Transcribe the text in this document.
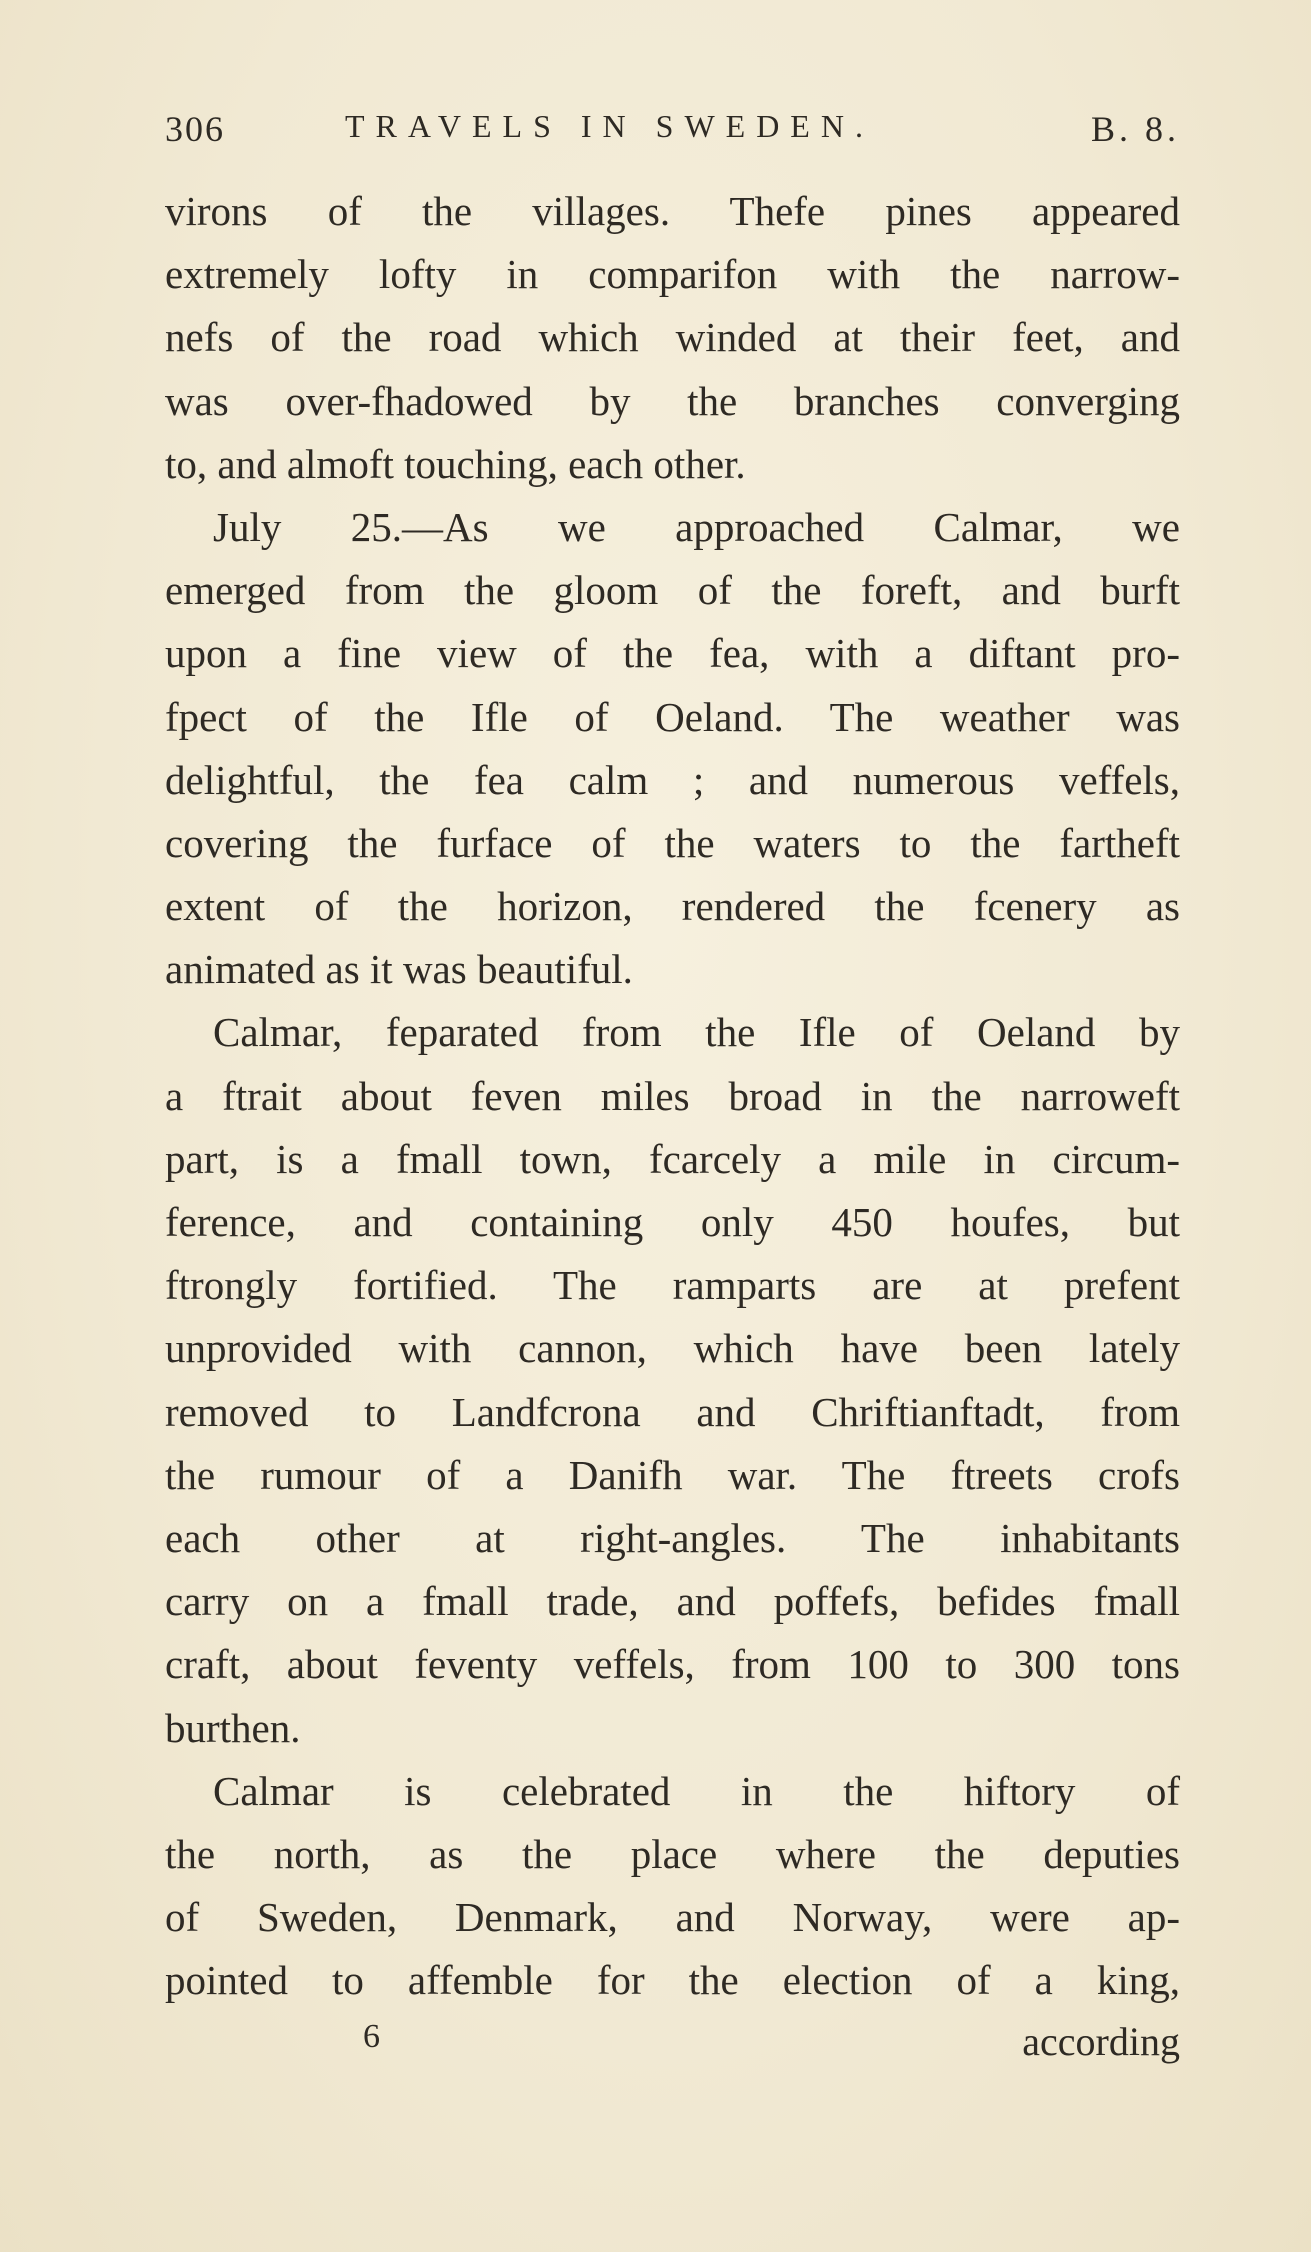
306	TRAVELS IN SWEDEN.	B. 8.
virons of the villages. Thefe pines appeared
extremely lofty in comparifon with the narrow-
nefs of the road which winded at their feet, and
was over-fhadowed by the branches converging
to, and almoft touching, each other.
July 25.—As we approached Calmar, we
emerged from the gloom of the foreft, and burft
upon a fine view of the fea, with a diftant pro-
fpect of the Ifle of Oeland. The weather was
delightful, the fea calm ; and numerous veffels,
covering the furface of the waters to the fartheft
extent of the horizon, rendered the fcenery as
animated as it was beautiful.
Calmar, feparated from the Ifle of Oeland by
a ftrait about feven miles broad in the narroweft
part, is a fmall town, fcarcely a mile in circum-
ference, and containing only 450 houfes, but
ftrongly fortified. The ramparts are at prefent
unprovided with cannon, which have been lately
removed to Landfcrona and Chriftianftadt, from
the rumour of a Danifh war. The ftreets crofs
each other at right-angles. The inhabitants
carry on a fmall trade, and poffefs, befides fmall
craft, about feventy veffels, from 100 to 300 tons
burthen.
Calmar is celebrated in the hiftory of
the north, as the place where the deputies
of Sweden, Denmark, and Norway, were ap-
pointed to affemble for the election of a king,
6	according
